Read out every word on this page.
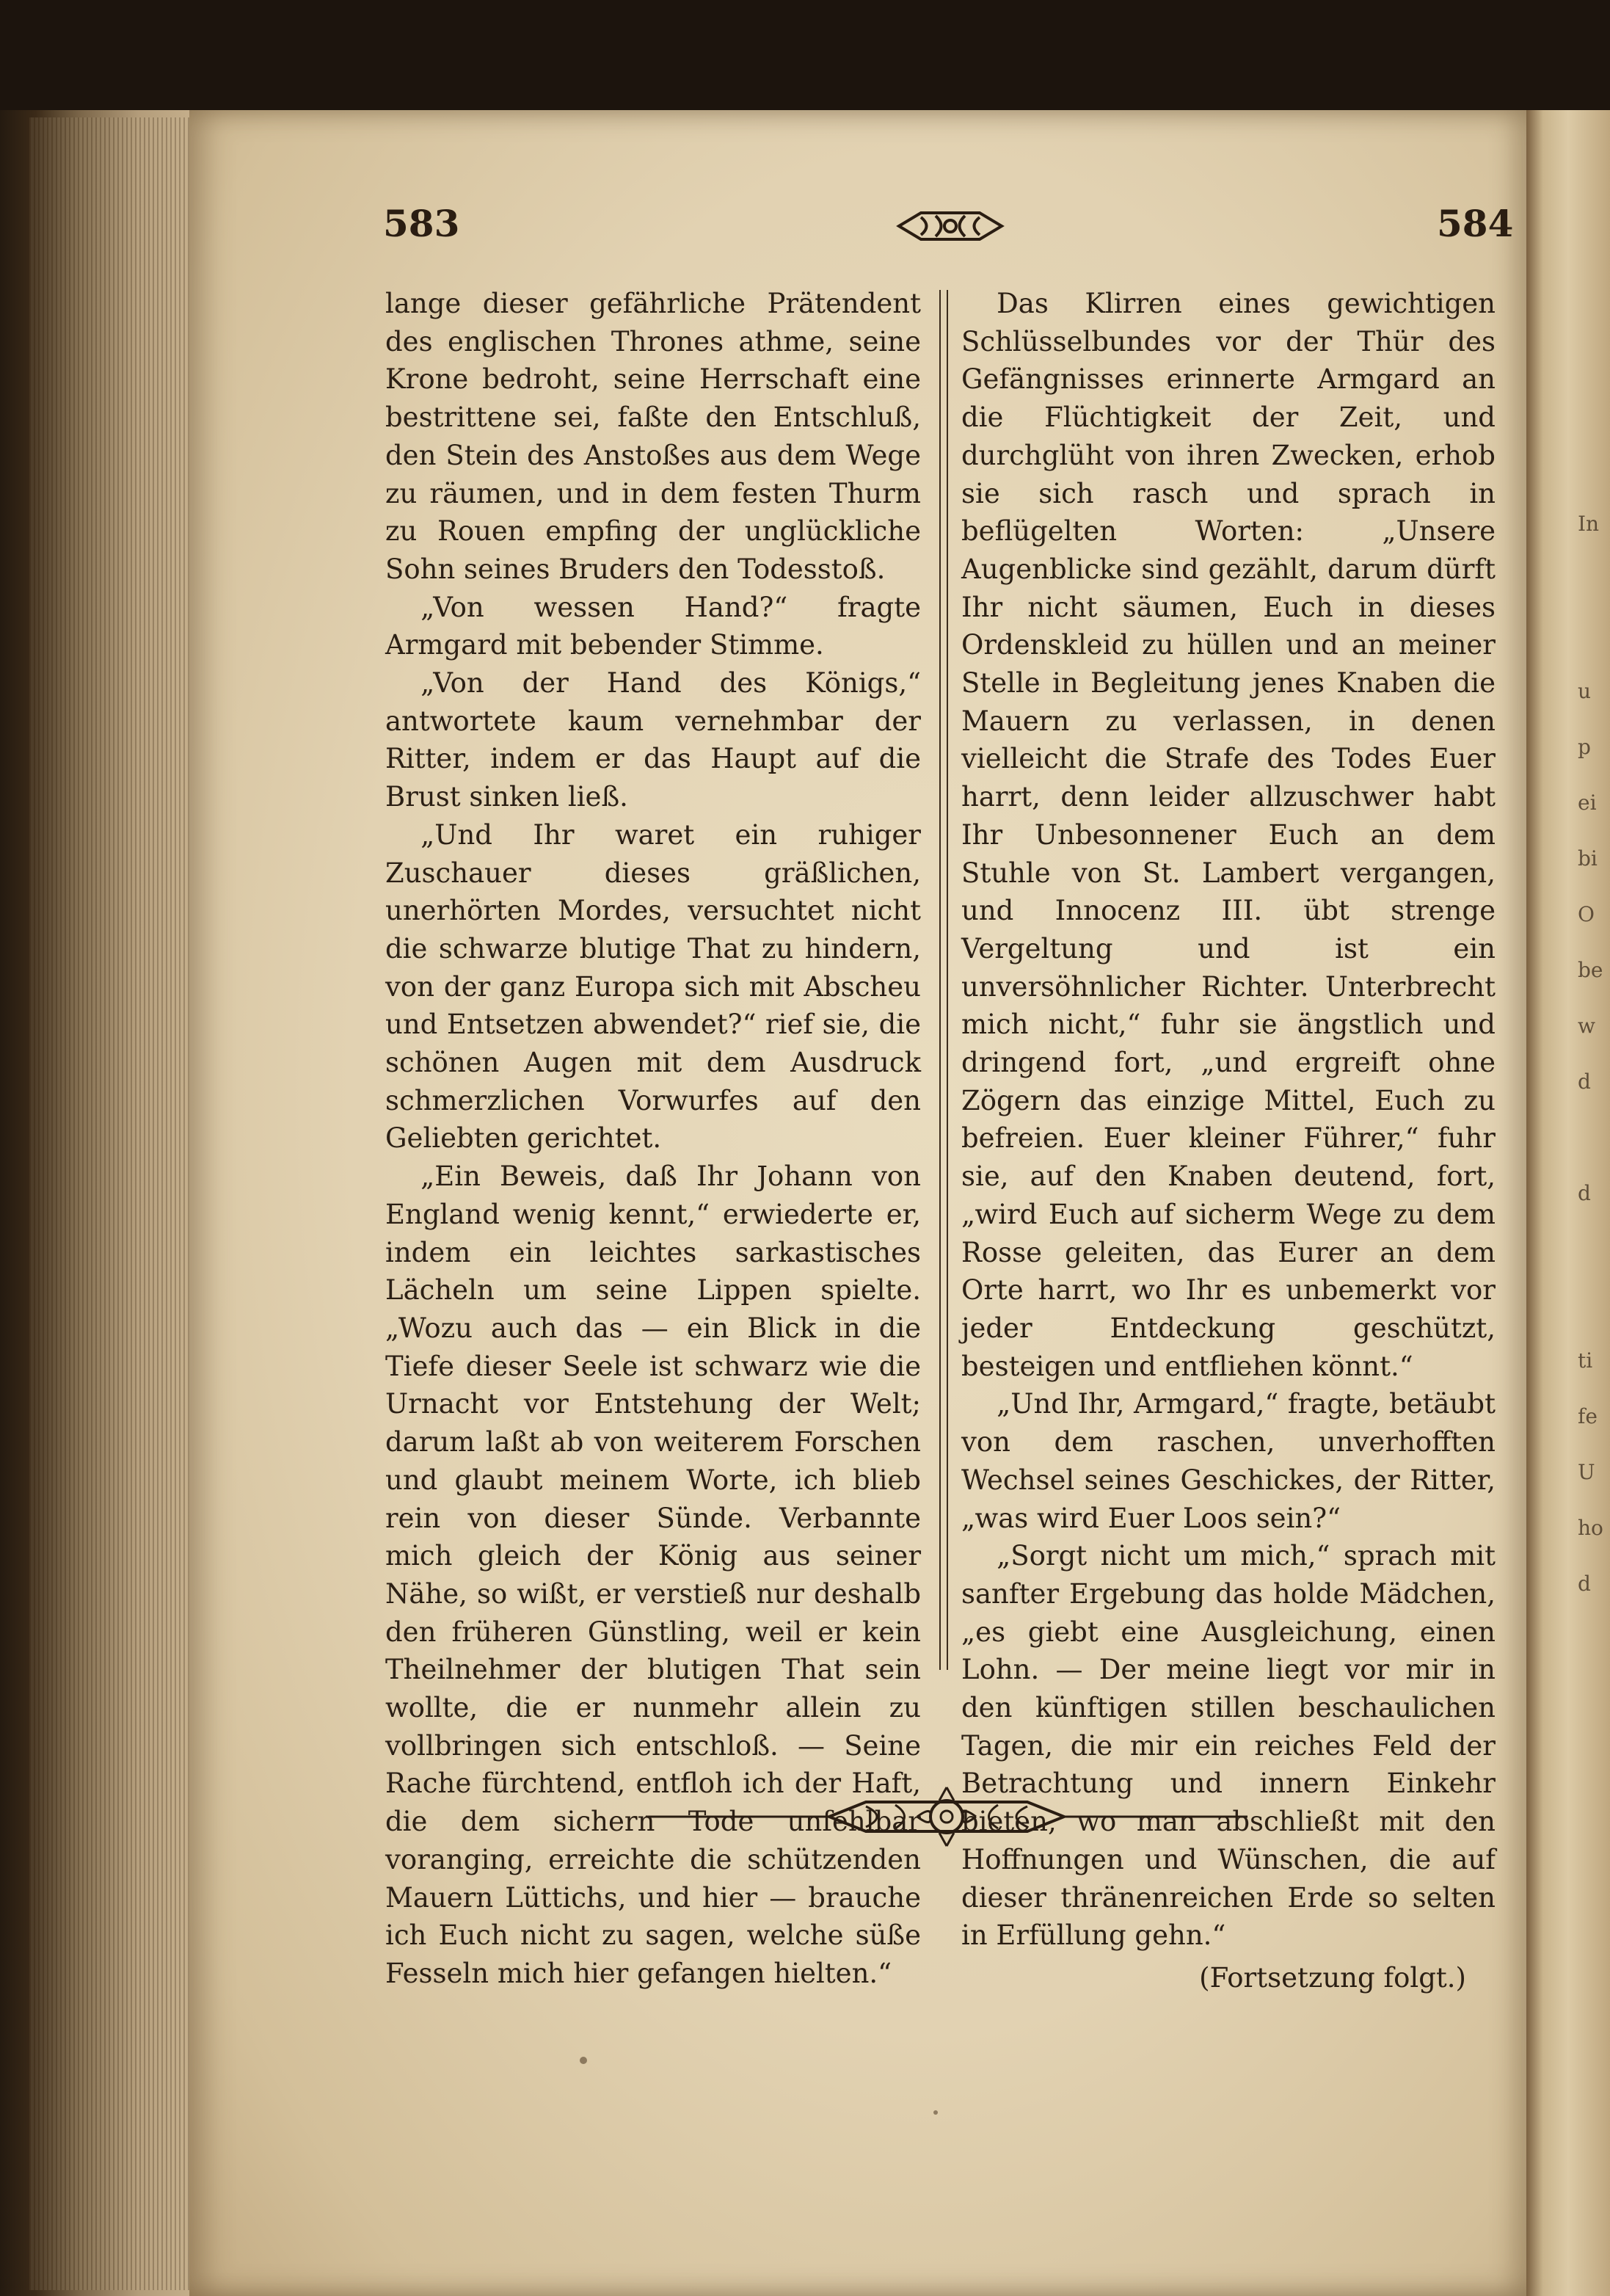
In

u
p
ei
bi
O
be
w
d

d

ti
fe
U
ho
d
583	584

lange dieser gefährliche Prätendent des englischen Thrones athme, seine Krone bedroht, seine Herrschaft eine bestrittene sei, faßte den Entschluß, den Stein des Anstoßes aus dem Wege zu räumen, und in dem festen Thurm zu Rouen empfing der unglückliche Sohn seines Bruders den Todesstoß.

„Von wessen Hand?“ fragte Armgard mit bebender Stimme.

„Von der Hand des Königs,“ antwortete kaum vernehmbar der Ritter, indem er das Haupt auf die Brust sinken ließ.

„Und Ihr waret ein ruhiger Zuschauer dieses gräßlichen, unerhörten Mordes, versuchtet nicht die schwarze blutige That zu hindern, von der ganz Europa sich mit Abscheu und Entsetzen abwendet?“ rief sie, die schönen Augen mit dem Ausdruck schmerzlichen Vorwurfes auf den Geliebten gerichtet.

„Ein Beweis, daß Ihr Johann von England wenig kennt,“ erwiederte er, indem ein leichtes sarkastisches Lächeln um seine Lippen spielte. „Wozu auch das — ein Blick in die Tiefe dieser Seele ist schwarz wie die Urnacht vor Entstehung der Welt; darum laßt ab von weiterem Forschen und glaubt meinem Worte, ich blieb rein von dieser Sünde. Verbannte mich gleich der König aus seiner Nähe, so wißt, er verstieß nur deshalb den früheren Günstling, weil er kein Theilnehmer der blutigen That sein wollte, die er nunmehr allein zu vollbringen sich entschloß. — Seine Rache fürchtend, entfloh ich der Haft, die dem sichern Tode unfehlbar voranging, erreichte die schützenden Mauern Lüttichs, und hier — brauche ich Euch nicht zu sagen, welche süße Fesseln mich hier gefangen hielten.“

Das Klirren eines gewichtigen Schlüsselbundes vor der Thür des Gefängnisses erinnerte Armgard an die Flüchtigkeit der Zeit, und durchglüht von ihren Zwecken, erhob sie sich rasch und sprach in beflügelten Worten: „Unsere Augenblicke sind gezählt, darum dürft Ihr nicht säumen, Euch in dieses Ordenskleid zu hüllen und an meiner Stelle in Begleitung jenes Knaben die Mauern zu verlassen, in denen vielleicht die Strafe des Todes Euer harrt, denn leider allzuschwer habt Ihr Unbesonnener Euch an dem Stuhle von St. Lambert vergangen, und Innocenz III. übt strenge Vergeltung und ist ein unversöhnlicher Richter. Unterbrecht mich nicht,“ fuhr sie ängstlich und dringend fort, „und ergreift ohne Zögern das einzige Mittel, Euch zu befreien. Euer kleiner Führer,“ fuhr sie, auf den Knaben deutend, fort, „wird Euch auf sicherm Wege zu dem Rosse geleiten, das Eurer an dem Orte harrt, wo Ihr es unbemerkt vor jeder Entdeckung geschützt, besteigen und entfliehen könnt.“

„Und Ihr, Armgard,“ fragte, betäubt von dem raschen, unverhofften Wechsel seines Geschickes, der Ritter, „was wird Euer Loos sein?“

„Sorgt nicht um mich,“ sprach mit sanfter Ergebung das holde Mädchen, „es giebt eine Ausgleichung, einen Lohn. — Der meine liegt vor mir in den künftigen stillen beschaulichen Tagen, die mir ein reiches Feld der Betrachtung und innern Einkehr bieten, wo man abschließt mit den Hoffnungen und Wünschen, die auf dieser thränenreichen Erde so selten in Erfüllung gehn.“

(Fortsetzung folgt.)
